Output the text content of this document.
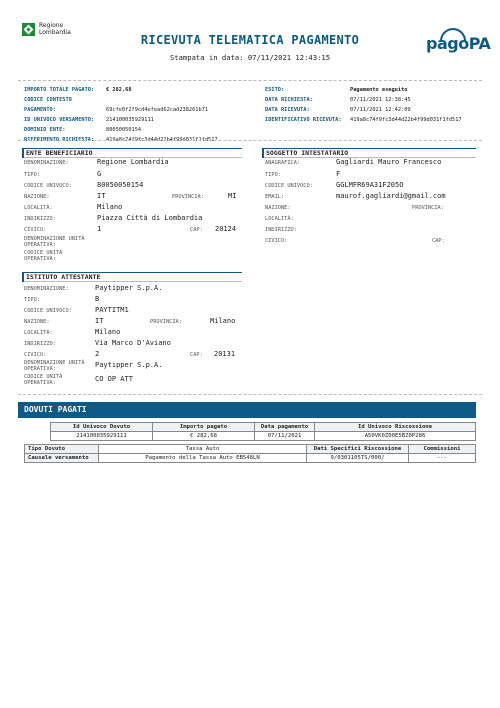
Regione
Lombardia
RICEVUTA TELEMATICA PAGAMENTO
Stampata in data: 07/11/2021 12:43:15
pagoPA
IMPORTO TOTALE PAGATO: € 282,68
CODICE CONTESTO PAGAMENTO:	69cfe0f2f9cd4efead62cad238261b71
ID UNIVOCO VERSAMENTO: 214100035929111
DOMINIO ENTE:	80050050154
RIFERIMENTO RICHIESTA: 419a8c74f9fc3d44d22b4f99d031f1fd517
ESITO:	Pagamento eseguito
DATA RICHIESTA:	07/11/2021 12:38:45
DATA RICEVUTA:	07/11/2021 12:42:09
IDENTIFICATIVO RICEVUTA: 419a8c74f9fc3d44d22b4f99d031f1fd517
ENTE BENEFICIARIO
DENOMINAZIONE:	Regione Lombardia
TIPO:	G
CODICE UNIVOCO:	80050050154
NAZIONE:	IT	PROVINCIA:	MI
LOCALITÀ:	Milano
INDIRIZZO:	Piazza Città di Lombardia
CIVICO:	1	CAP: 20124
DENOMINAZIONE UNITÀ OPERATIVA:
CODICE UNITÀ OPERATIVA:
SOGGETTO INTESTATARIO
ANAGRAFICA:	Gagliardi Mauro Francesco
TIPO:	F
CODICE UNIVOCO:	GGLMFR69A31F205O
EMAIL:	maurof.gagliardi@gmail.com
NAZIONE:	PROVINCIA:
LOCALITÀ:
INDIRIZZO:
CIVICO:	CAP:
ISTITUTO ATTESTANTE
DENOMINAZIONE:	Paytipper S.p.A.
TIPO:	B
CODICE UNIVOCO:	PAYTITM1
NAZIONE:	IT	PROVINCIA:	Milano
LOCALITÀ:	Milano
INDIRIZZO:	Via Marco D'Aviano
CIVICO:	2	CAP: 20131
DENOMINAZIONE UNITÀ OPERATIVA:	Paytipper S.p.A.
CODICE UNITÀ OPERATIVA:	CO OP ATT
DOVUTI PAGATI
Id Univoco Dovuto	Importo pagato	Data pagamento	Id Univoco Riscossione
214100035929111	€ 282,68	07/11/2021	A50VK0Z00E5BZ0P286
Tipo Dovuto	Tassa Auto	Dati Specifici Riscossione	Commissioni
Causale versamento	Pagamento della Tassa Auto EB548LN	9/0301105TS/000/	---
